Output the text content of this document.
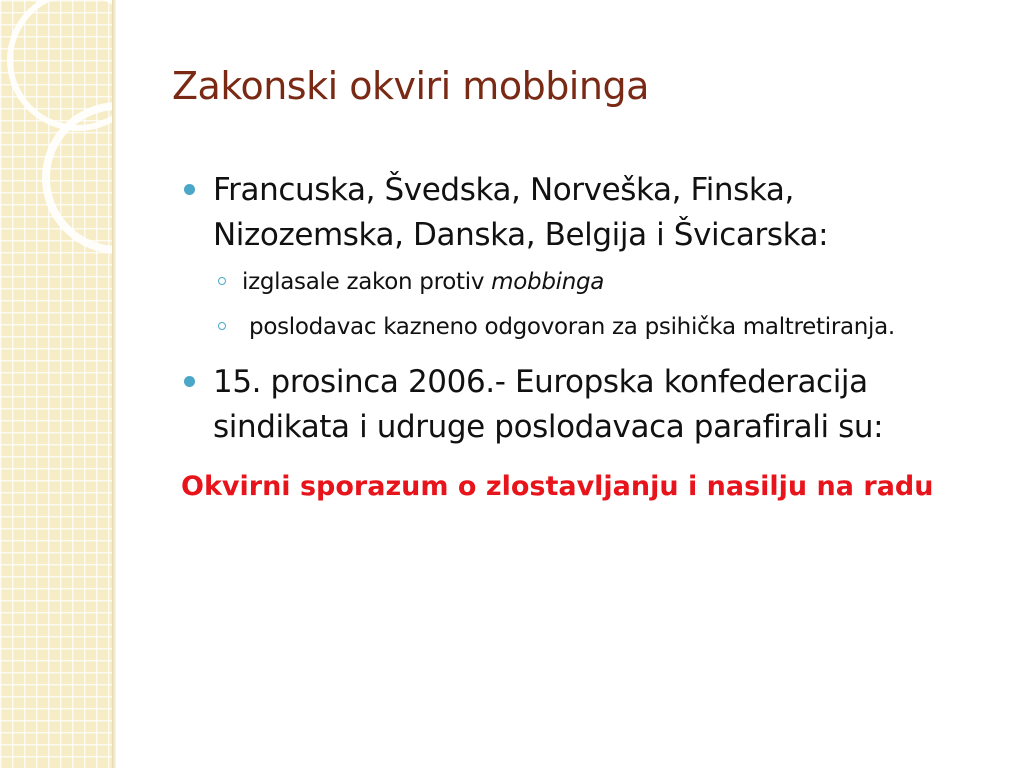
Zakonski okviri mobbinga
Francuska, Švedska, Norveška, Finska, Nizozemska, Danska, Belgija i Švicarska:
izglasale zakon protiv mobbinga
poslodavac kazneno odgovoran za psihička maltretiranja.
15. prosinca 2006.- Europska konfederacija sindikata i udruge poslodavaca parafirali su:
Okvirni sporazum o zlostavljanju i nasilju na radu
